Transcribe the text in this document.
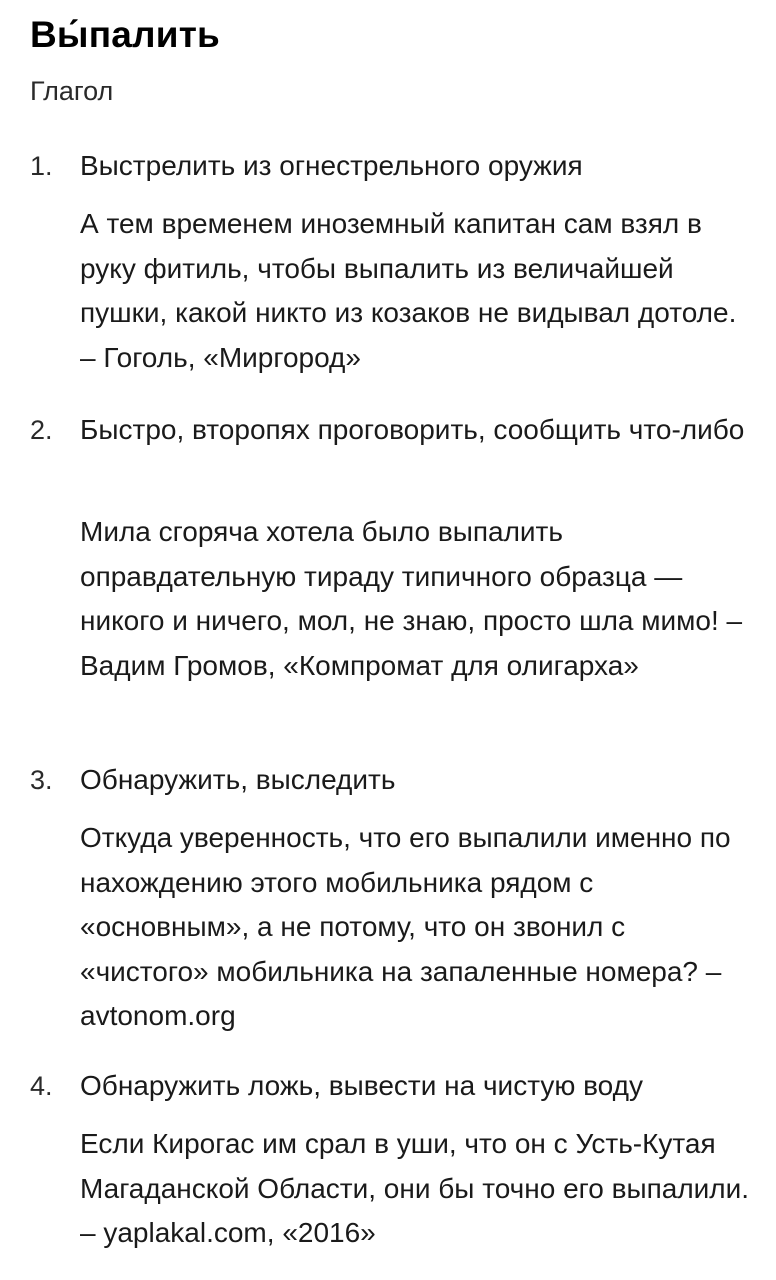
Вы́палить
Глагол
1. Выстрелить из огнестрельного оружия
А тем временем иноземный капитан сам взял в руку фитиль, чтобы выпалить из величайшей пушки, какой никто из козаков не видывал дотоле. – Гоголь, «Миргород»
2. Быстро, второпях проговорить, сообщить что-либо
Мила сгоряча хотела было выпалить оправдательную тираду типичного образца — никого и ничего, мол, не знаю, просто шла мимо! – Вадим Громов, «Компромат для олигарха»
3. Обнаружить, выследить
Откуда уверенность, что его выпалили именно по нахождению этого мобильника рядом с «основным», а не потому, что он звонил с «чистого» мобильника на запаленные номера? – avtonom.org
4. Обнаружить ложь, вывести на чистую воду
Если Кирогас им срал в уши, что он с Усть-Кутая Магаданской Области, они бы точно его выпалили. – yaplakal.com, «2016»
